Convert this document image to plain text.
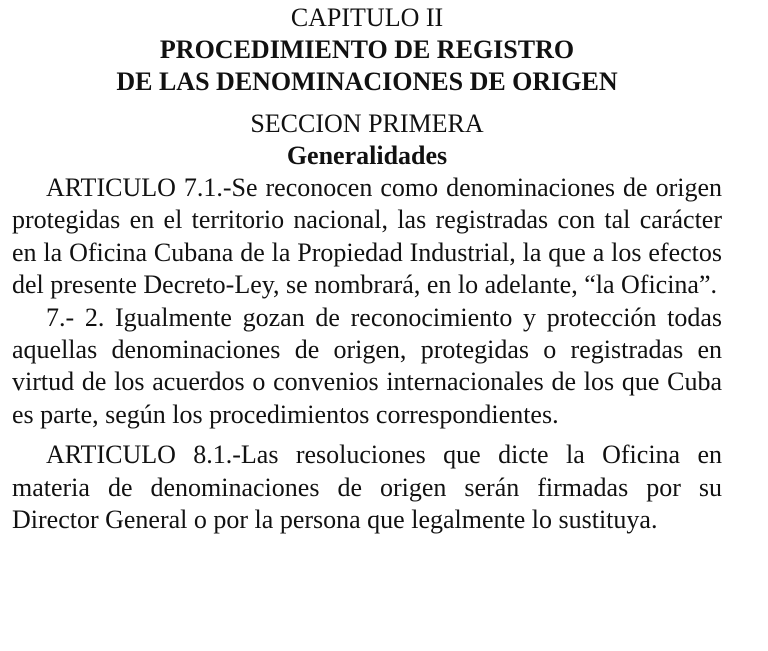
CAPITULO II
PROCEDIMIENTO DE REGISTRO
DE LAS DENOMINACIONES DE ORIGEN
SECCION PRIMERA
Generalidades

ARTICULO 7.1.-Se reconocen como denominaciones de origen protegidas en el territorio nacional, las registradas con tal carácter en la Oficina Cubana de la Propiedad Industrial, la que a los efectos del presente Decreto-Ley, se nombrará, en lo adelante, “la Oficina”.

7.- 2. Igualmente gozan de reconocimiento y protección todas aquellas denominaciones de origen, protegidas o registradas en virtud de los acuerdos o convenios internacionales de los que Cuba es parte, según los procedimientos correspondientes.

ARTICULO 8.1.-Las resoluciones que dicte la Oficina en materia de denominaciones de origen serán firmadas por su Director General o por la persona que legalmente lo sustituya.
